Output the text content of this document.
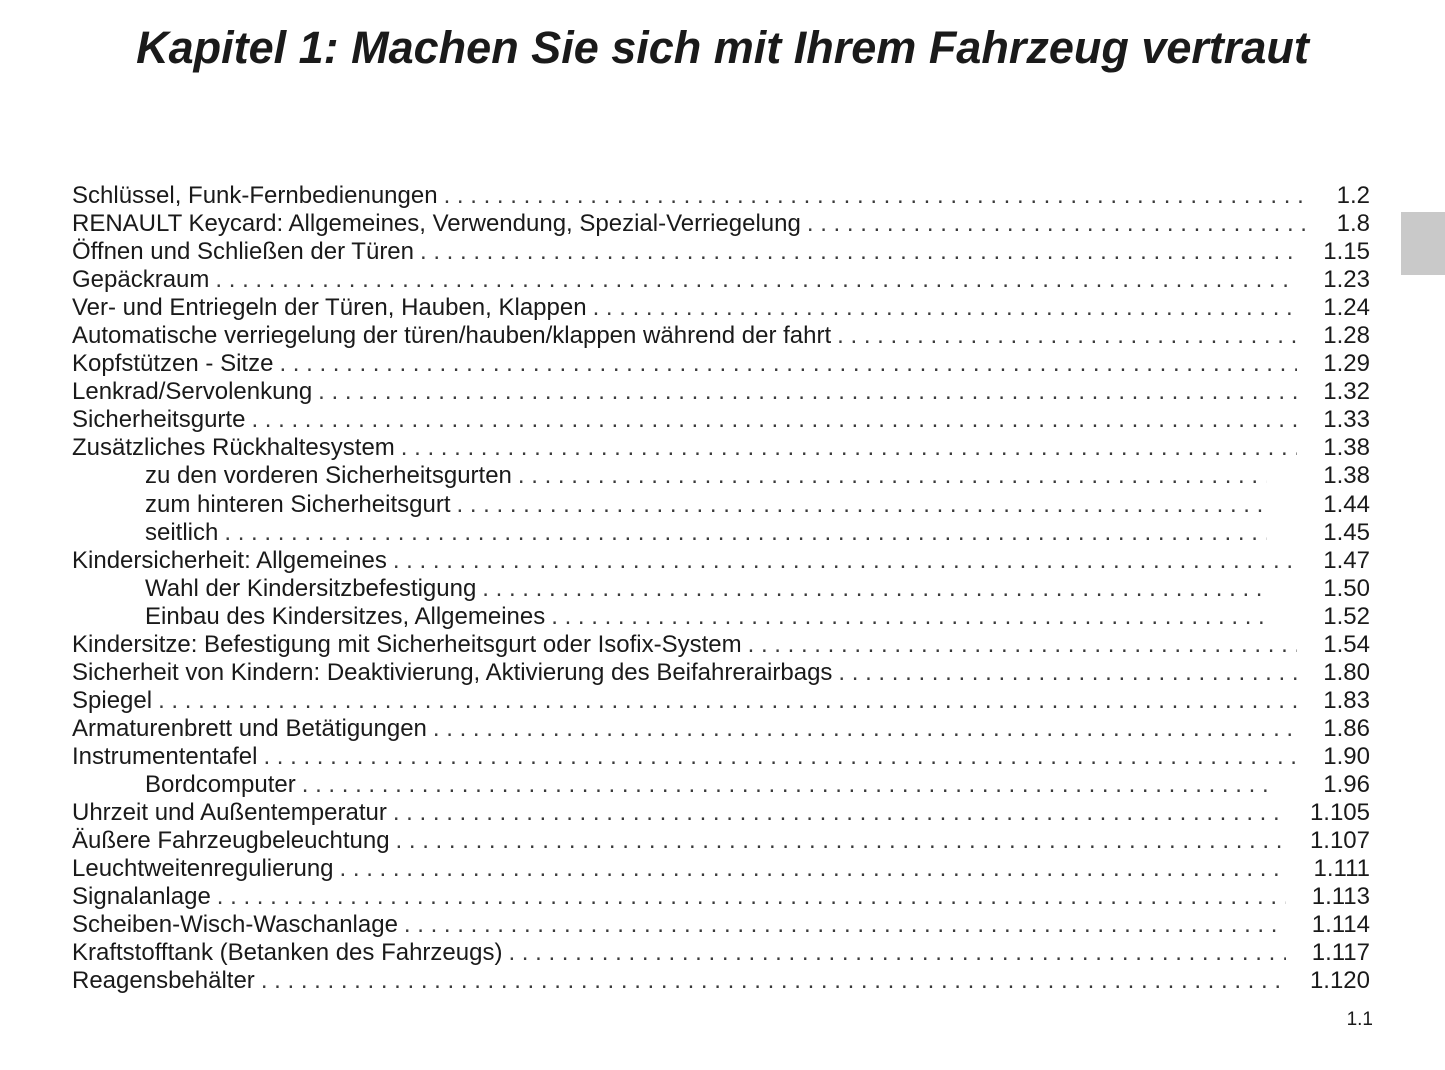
Kapitel 1: Machen Sie sich mit Ihrem Fahrzeug vertraut
Schlüssel, Funk-Fernbedienungen . . .	1.2
RENAULT Keycard: Allgemeines, Verwendung, Spezial-Verriegelung . . .	1.8
Öffnen und Schließen der Türen . . .	1.15
Gepäckraum . . .	1.23
Ver- und Entriegeln der Türen, Hauben, Klappen . . .	1.24
Automatische verriegelung der türen/hauben/klappen während der fahrt . . .	1.28
Kopfstützen - Sitze . . .	1.29
Lenkrad/Servolenkung . . .	1.32
Sicherheitsgurte . . .	1.33
Zusätzliches Rückhaltesystem . . .	1.38
zu den vorderen Sicherheitsgurten . . .	1.38
zum hinteren Sicherheitsgurt . . .	1.44
seitlich . . .	1.45
Kindersicherheit: Allgemeines . . .	1.47
Wahl der Kindersitzbefestigung . . .	1.50
Einbau des Kindersitzes, Allgemeines . . .	1.52
Kindersitze: Befestigung mit Sicherheitsgurt oder Isofix-System . . .	1.54
Sicherheit von Kindern: Deaktivierung, Aktivierung des Beifahrerairbags . . .	1.80
Spiegel . . .	1.83
Armaturenbrett und Betätigungen . . .	1.86
Instrumententafel . . .	1.90
Bordcomputer . . .	1.96
Uhrzeit und Außentemperatur . . .	1.105
Äußere Fahrzeugbeleuchtung . . .	1.107
Leuchtweitenregulierung . . .	1.111
Signalanlage . . .	1.113
Scheiben-Wisch-Waschanlage . . .	1.114
Kraftstofftank (Betanken des Fahrzeugs) . . .	1.117
Reagensbehälter . . .	1.120
1.1
